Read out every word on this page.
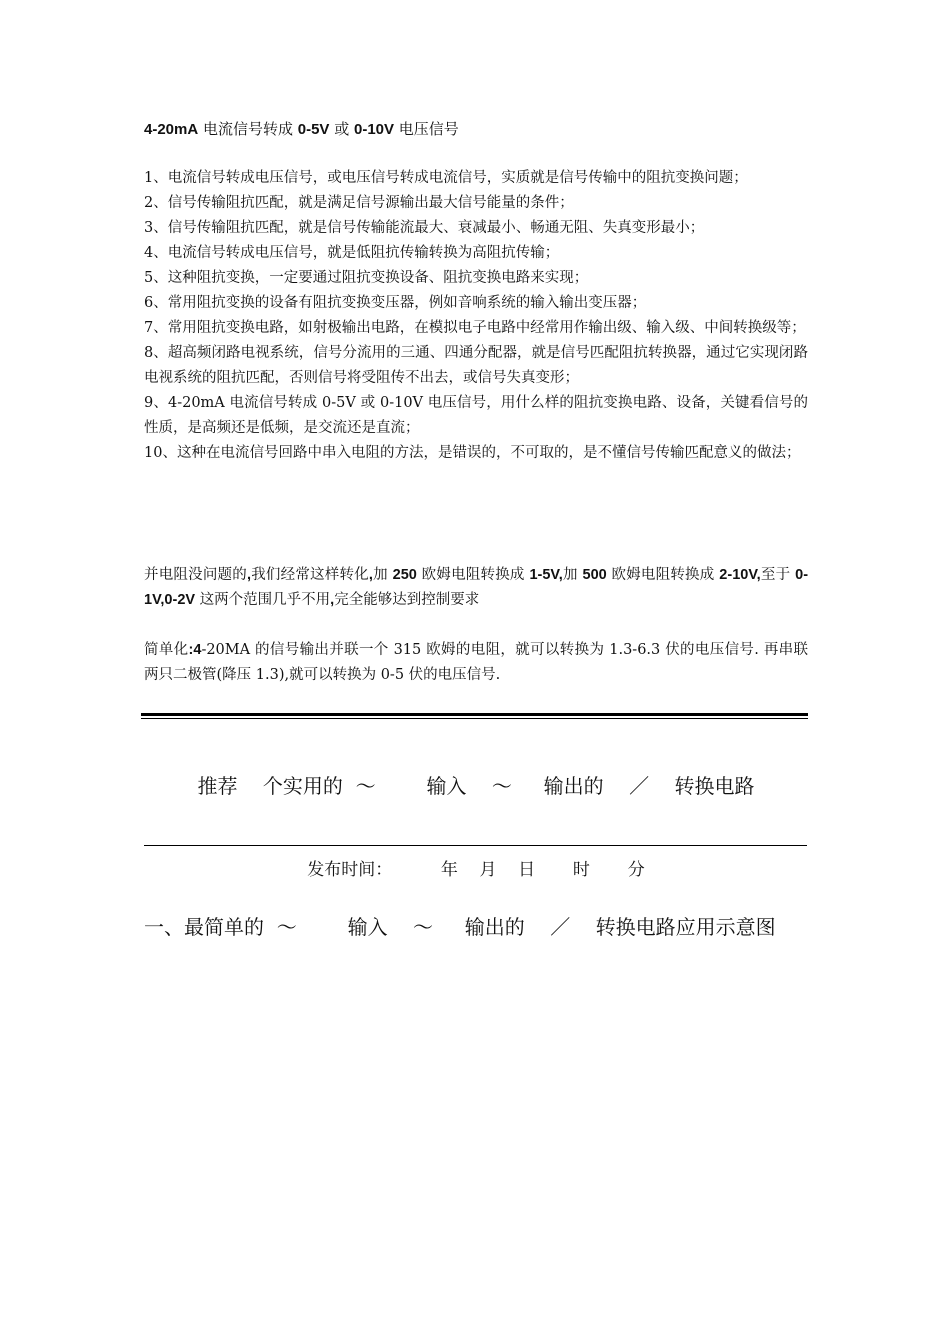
4-20mA 电流信号转成 0-5V 或 0-10V 电压信号
1、电流信号转成电压信号，或电压信号转成电流信号，实质就是信号传输中的阻抗变换问题；
2、信号传输阻抗匹配，就是满足信号源输出最大信号能量的条件；
3、信号传输阻抗匹配，就是信号传输能流最大、衰减最小、畅通无阻、失真变形最小；
4、电流信号转成电压信号，就是低阻抗传输转换为高阻抗传输；
5、这种阻抗变换，一定要通过阻抗变换设备、阻抗变换电路来实现；
6、常用阻抗变换的设备有阻抗变换变压器，例如音响系统的输入输出变压器；
7、常用阻抗变换电路，如射极输出电路，在模拟电子电路中经常用作输出级、输入级、中间转换级等；
8、超高频闭路电视系统，信号分流用的三通、四通分配器，就是信号匹配阻抗转换器，通过它实现闭路电视系统的阻抗匹配，否则信号将受阻传不出去，或信号失真变形；
9、4-20mA 电流信号转成 0-5V 或 0-10V 电压信号，用什么样的阻抗变换电路、设备，关键看信号的性质，是高频还是低频，是交流还是直流；
10、这种在电流信号回路中串入电阻的方法，是错误的，不可取的，是不懂信号传输匹配意义的做法；
并电阻没问题的,我们经常这样转化,加 250 欧姆电阻转换成 1-5V,加 500 欧姆电阻转换成 2-10V,至于 0-1V,0-2V 这两个范围几乎不用,完全能够达到控制要求
简单化:4-20MA 的信号输出并联一个 315 欧姆的电阻，就可以转换为 1.3-6.3 伏的电压信号. 再串联两只二极管(降压 1.3),就可以转换为 0-5 伏的电压信号.
推荐    个实用的  ～        输入    ～     输出的    ／    转换电路
发布时间：         年    月    日       时       分
一、最简单的  ～        输入    ～     输出的    ／    转换电路应用示意图
